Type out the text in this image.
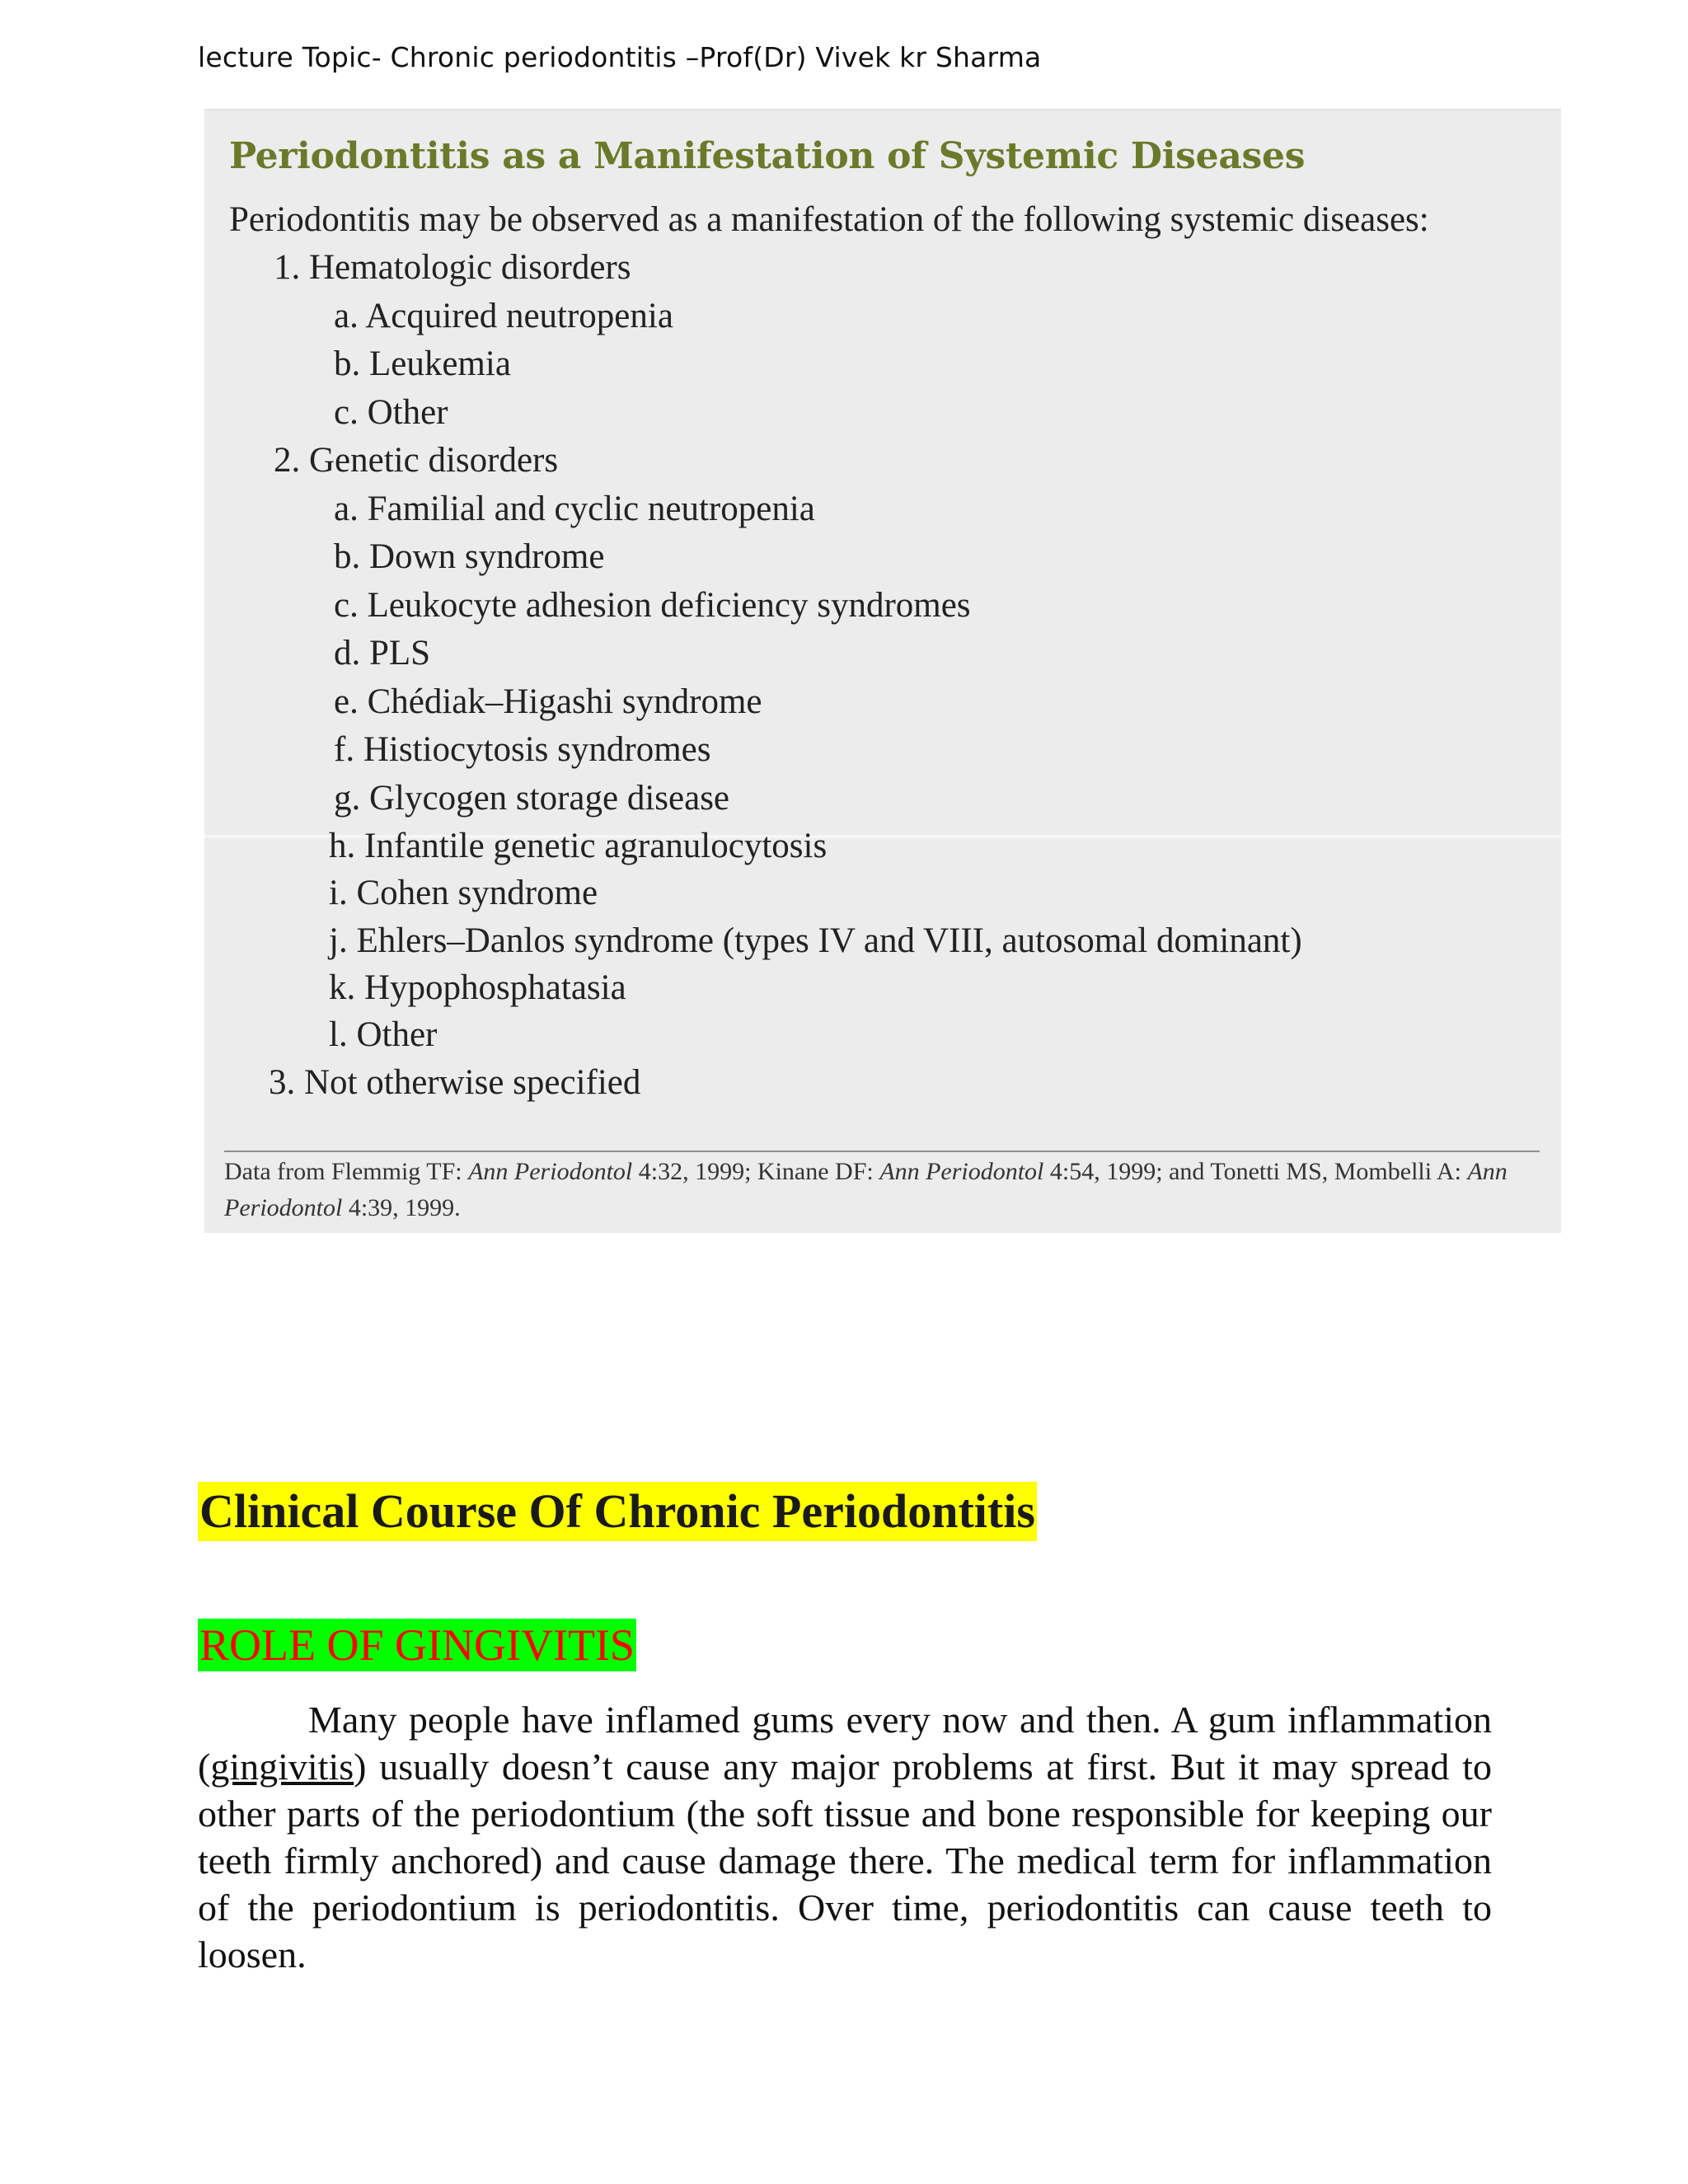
lecture Topic- Chronic periodontitis –Prof(Dr) Vivek kr Sharma
Periodontitis as a Manifestation of Systemic Diseases
Periodontitis may be observed as a manifestation of the following systemic diseases:
1. Hematologic disorders
a. Acquired neutropenia
b. Leukemia
c. Other
2. Genetic disorders
a. Familial and cyclic neutropenia
b. Down syndrome
c. Leukocyte adhesion deficiency syndromes
d. PLS
e. Chédiak–Higashi syndrome
f. Histiocytosis syndromes
g. Glycogen storage disease
h. Infantile genetic agranulocytosis
i. Cohen syndrome
j. Ehlers–Danlos syndrome (types IV and VIII, autosomal dominant)
k. Hypophosphatasia
l. Other
3. Not otherwise specified
Data from Flemmig TF: Ann Periodontol 4:32, 1999; Kinane DF: Ann Periodontol 4:54, 1999; and Tonetti MS, Mombelli A: Ann Periodontol 4:39, 1999.
Clinical Course Of Chronic Periodontitis
ROLE OF GINGIVITIS
Many people have inflamed gums every now and then. A gum inflammation (gingivitis) usually doesn’t cause any major problems at first. But it may spread to other parts of the periodontium (the soft tissue and bone responsible for keeping our teeth firmly anchored) and cause damage there. The medical term for inflammation of the periodontium is periodontitis. Over time, periodontitis can cause teeth to loosen.
